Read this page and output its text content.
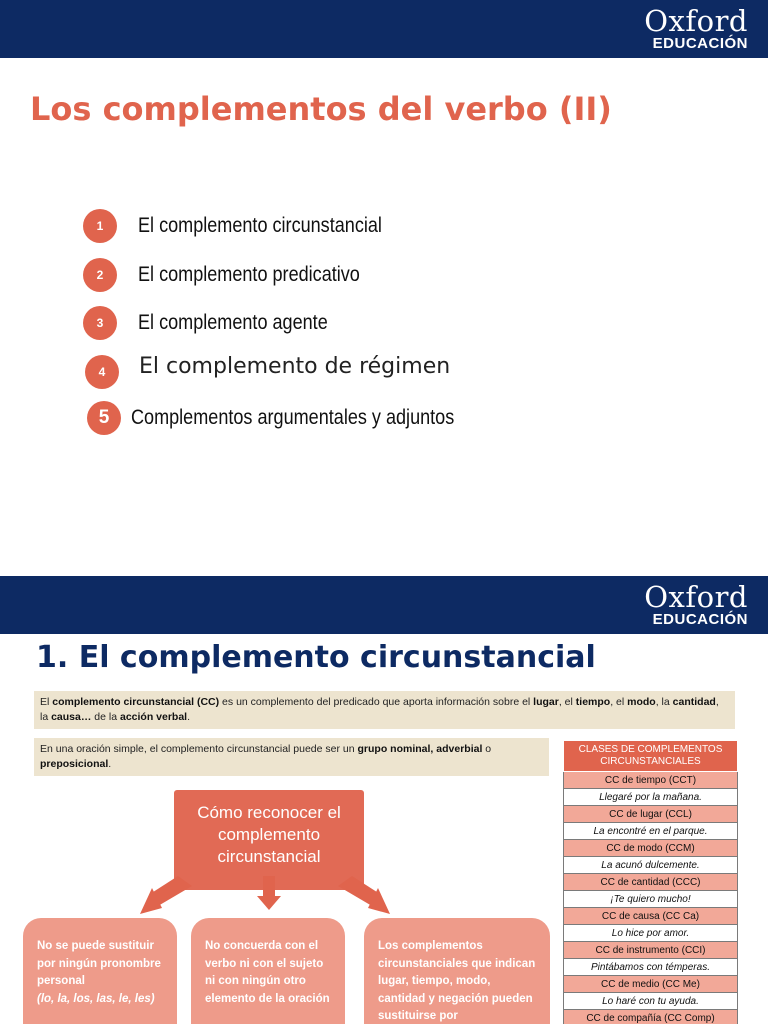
Oxford
EDUCACIÓN
Los complementos del verbo (II)
1	El complemento circunstancial
2	El complemento predicativo
3	El complemento agente
4	El complemento de régimen
5	Complementos argumentales y adjuntos
Oxford
EDUCACIÓN
1. El complemento circunstancial
El complemento circunstancial (CC) es un complemento del predicado que aporta información sobre el lugar, el tiempo, el modo, la cantidad, la causa… de la acción verbal.
En una oración simple, el complemento circunstancial puede ser un grupo nominal, adverbial o preposicional.
Cómo reconocer el complemento circunstancial
No se puede sustituir por ningún pronombre personal
(lo, la, los, las, le, les)
No concuerda con el verbo ni con el sujeto ni con ningún otro elemento de la oración
Los complementos circunstanciales que indican lugar, tiempo, modo, cantidad y negación pueden sustituirse por
CLASES DE COMPLEMENTOS CIRCUNSTANCIALES
CC de tiempo (CCT)
Llegaré por la mañana.
CC de lugar (CCL)
La encontré en el parque.
CC de modo (CCM)
La acunó dulcemente.
CC de cantidad (CCC)
¡Te quiero mucho!
CC de causa (CC Ca)
Lo hice por amor.
CC de instrumento (CCI)
Pintábamos con témperas.
CC de medio (CC Me)
Lo haré con tu ayuda.
CC de compañía (CC Comp)
